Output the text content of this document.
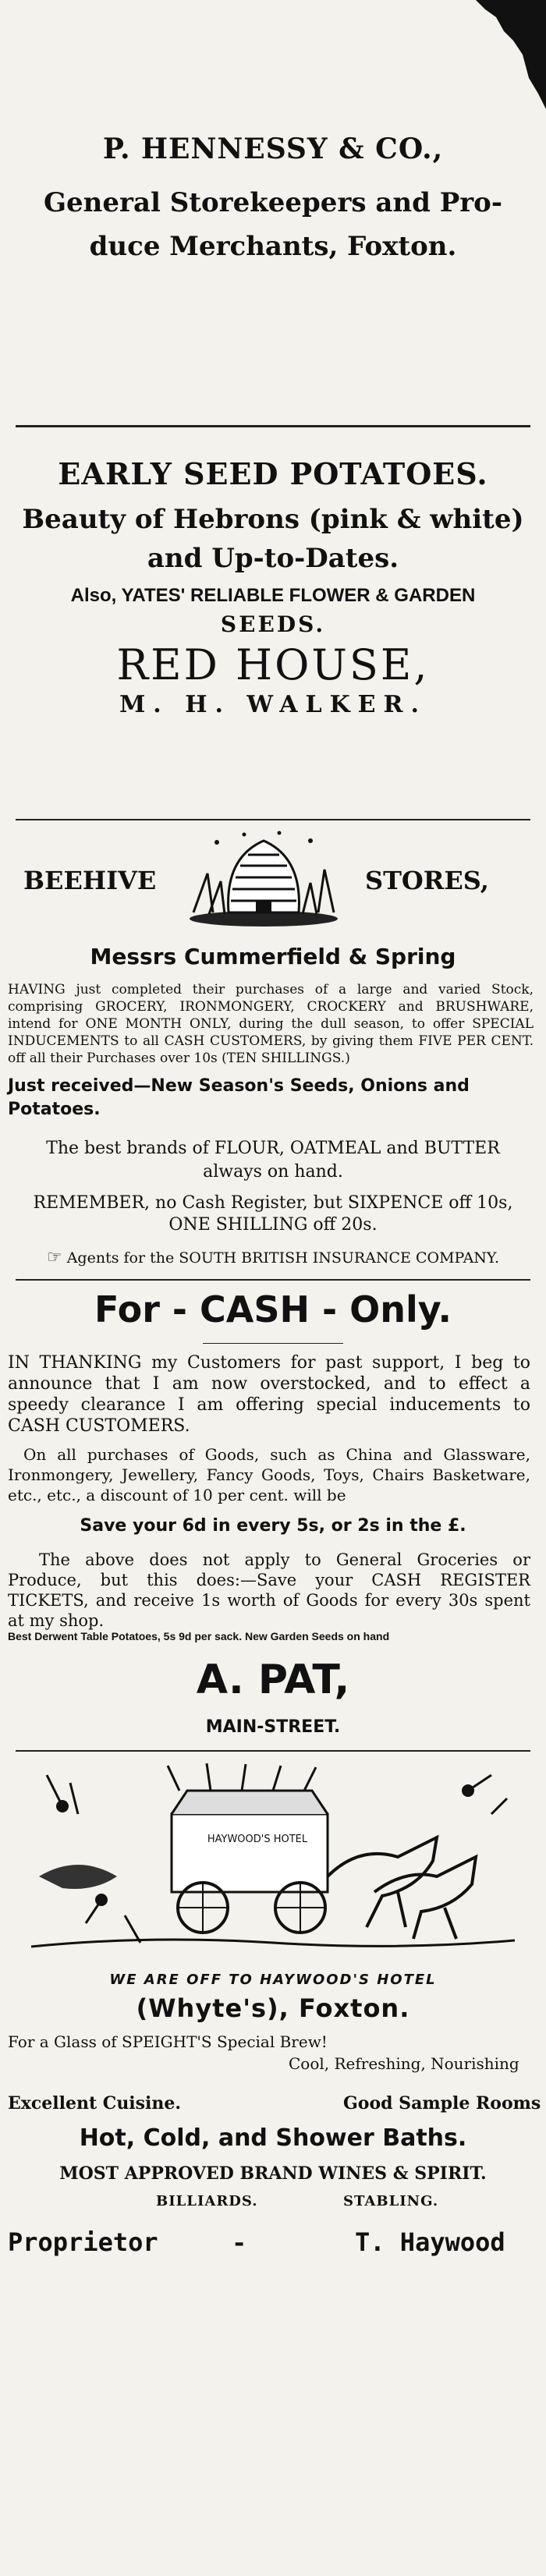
P. HENNESSY & CO.,
General Storekeepers and Pro-
duce Merchants, Foxton.
EARLY SEED POTATOES.
Beauty of Hebrons (pink & white)
and Up-to-Dates.
Also, YATES' RELIABLE FLOWER & GARDEN
SEEDS.
RED HOUSE,
M. H. WALKER.
BEEHIVE	STORES,
Messrs Cummerfield & Spring

HAVING just completed their purchases of a large and varied Stock, comprising GROCERY, IRONMONGERY, CROCKERY and BRUSHWARE, intend for ONE MONTH ONLY, during the dull season, to offer SPECIAL INDUCEMENTS to all CASH CUSTOMERS, by giving them FIVE PER CENT. off all their Purchases over 10s (TEN SHILLINGS.)

Just received—New Season's Seeds, Onions and Potatoes.

The best brands of FLOUR, OATMEAL and BUTTER
always on hand.
REMEMBER, no Cash Register, but SIXPENCE off 10s,
ONE SHILLING off 20s.
☞ Agents for the SOUTH BRITISH INSURANCE COMPANY.
For - CASH - Only.

IN THANKING my Customers for past support, I beg to announce that I am now overstocked, and to effect a speedy clearance I am offering special inducements to CASH CUSTOMERS.

On all purchases of Goods, such as China and Glassware, Ironmongery, Jewellery, Fancy Goods, Toys, Chairs Basketware, etc., etc., a discount of 10 per cent. will be

Save your 6d in every 5s, or 2s in the £.

The above does not apply to General Groceries or Produce, but this does:—Save your CASH REGISTER TICKETS, and receive 1s worth of Goods for every 30s spent at my shop.

Best Derwent Table Potatoes, 5s 9d per sack. New Garden Seeds on hand
A. PAT,
MAIN-STREET.
HAYWOOD'S HOTEL
WE ARE OFF TO HAYWOOD'S HOTEL
(Whyte's), Foxton.
For a Glass of SPEIGHT'S Special Brew!
Cool, Refreshing, Nourishing
Excellent Cuisine.	Good Sample Rooms
Hot, Cold, and Shower Baths.
MOST APPROVED BRAND WINES & SPIRIT.
BILLIARDS.	STABLING.
Proprietor	-	T. Haywood
